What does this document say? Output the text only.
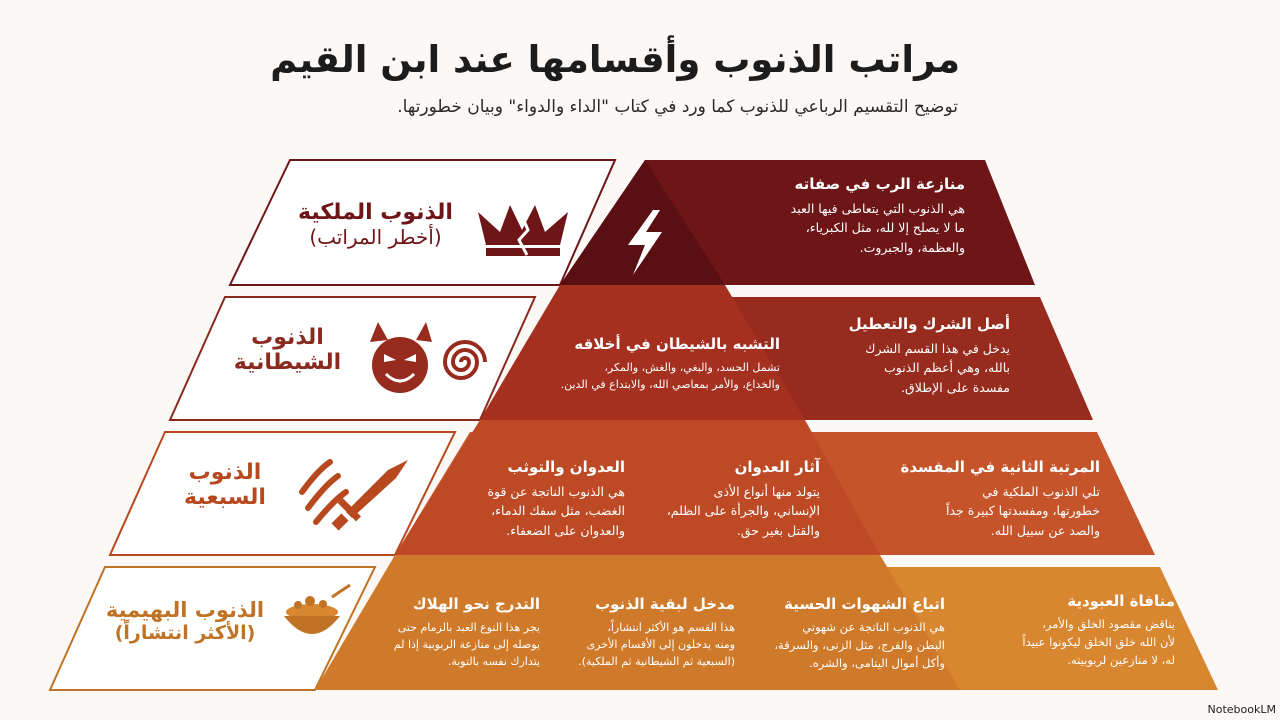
مراتب الذنوب وأقسامها عند ابن القيم
توضيح التقسيم الرباعي للذنوب كما ورد في كتاب "الداء والدواء" وبيان خطورتها.
الذنوب الملكية
(أخطر المراتب)
منازعة الرب في صفاته
هي الذنوب التي يتعاطى فيها العبد
ما لا يصلح إلا لله، مثل الكبرياء،
والعظمة، والجبروت.
الذنوب
الشيطانية
أصل الشرك والتعطيل
يدخل في هذا القسم الشرك
بالله، وهي أعظم الذنوب
مفسدة على الإطلاق.
التشبه بالشيطان في أخلاقه
تشمل الحسد، والبغي، والغش، والمكر،
والخداع، والأمر بمعاصي الله، والابتداع في الدين.
الذنوب
السبعية
المرتبة الثانية في المفسدة
تلي الذنوب الملكية في
خطورتها، ومفسدتها كبيرة جداً
والصد عن سبيل الله.
آثار العدوان
يتولد منها أنواع الأذى
الإنساني، والجرأة على الظلم،
والقتل بغير حق.
العدوان والتوثب
هي الذنوب الناتجة عن قوة
الغضب، مثل سفك الدماء،
والعدوان على الضعفاء.
الذنوب البهيمية
(الأكثر انتشاراً)
منافاة العبودية
يناقض مقصود الخلق والأمر،
لأن الله خلق الخلق ليكونوا عبيداً
له، لا منازعين لربوبيته.
اتباع الشهوات الحسية
هي الذنوب الناتجة عن شهوتي
البطن والفرج، مثل الزنى، والسرقة،
وأكل أموال اليتامى، والشره.
مدخل لبقية الذنوب
هذا القسم هو الأكثر انتشاراً،
ومنه يدخلون إلى الأقسام الأخرى
(السبعية ثم الشيطانية ثم الملكية).
التدرج نحو الهلاك
يجر هذا النوع العبد بالزمام حتى
يوصله إلى منازعة الربوبية إذا لم
يتدارك نفسه بالتوبة.
NotebookLM
